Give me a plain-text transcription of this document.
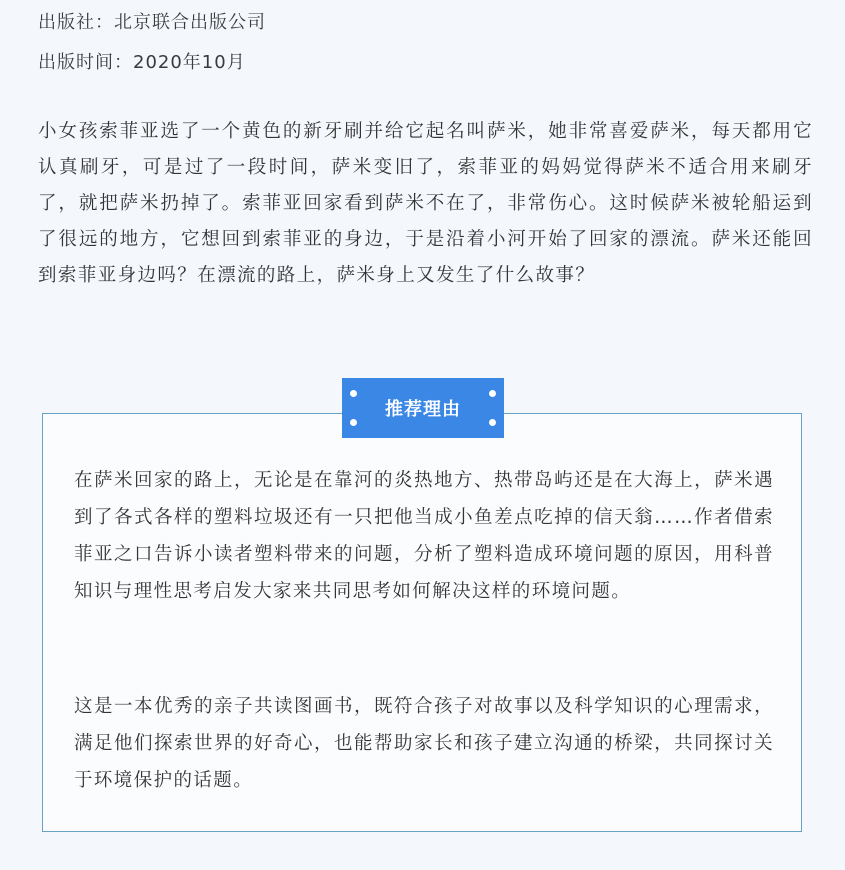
出版社：北京联合出版公司
出版时间：2020年10月

小女孩索菲亚选了一个黄色的新牙刷并给它起名叫萨米，她非常喜爱萨米，每天都用它认真刷牙，可是过了一段时间，萨米变旧了，索菲亚的妈妈觉得萨米不适合用来刷牙了，就把萨米扔掉了。索菲亚回家看到萨米不在了，非常伤心。这时候萨米被轮船运到了很远的地方，它想回到索菲亚的身边，于是沿着小河开始了回家的漂流。萨米还能回到索菲亚身边吗？在漂流的路上，萨米身上又发生了什么故事？

在萨米回家的路上，无论是在靠河的炎热地方、热带岛屿还是在大海上，萨米遇到了各式各样的塑料垃圾还有一只把他当成小鱼差点吃掉的信天翁……作者借索菲亚之口告诉小读者塑料带来的问题，分析了塑料造成环境问题的原因，用科普知识与理性思考启发大家来共同思考如何解决这样的环境问题。

这是一本优秀的亲子共读图画书，既符合孩子对故事以及科学知识的心理需求，满足他们探索世界的好奇心，也能帮助家长和孩子建立沟通的桥梁，共同探讨关于环境保护的话题。

推荐理由
